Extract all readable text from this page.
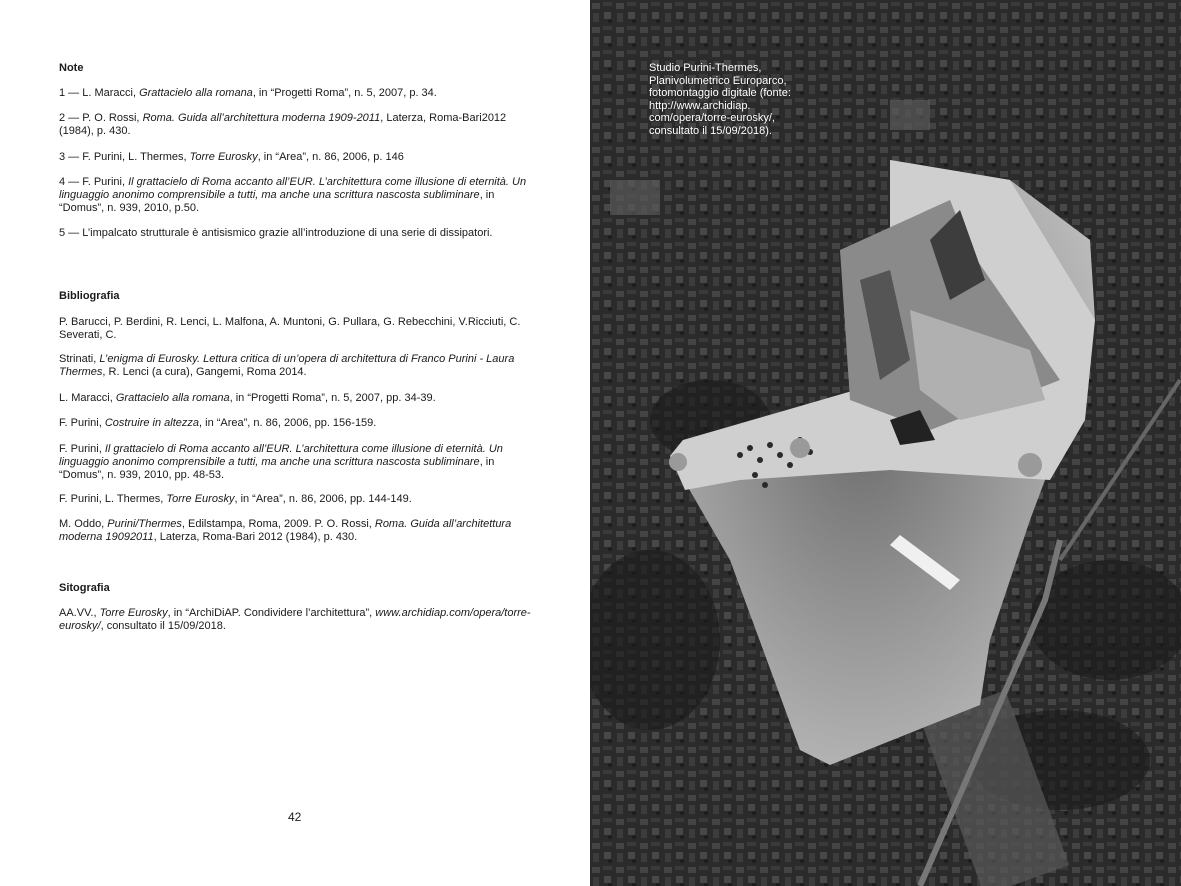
Note

1 — L. Maracci, Grattacielo alla romana, in “Progetti Roma”, n. 5, 2007, p. 34.

2 — P. O. Rossi, Roma. Guida all’architettura moderna 1909-2011, Laterza, Roma-Bari2012 (1984), p. 430.

3 — F. Purini, L. Thermes, Torre Eurosky, in “Area”, n. 86, 2006, p. 146

4 — F. Purini, Il grattacielo di Roma accanto all’EUR. L’architettura come illusione di eternità. Un linguaggio anonimo comprensibile a tutti, ma anche una scrittura nascosta subliminare, in “Domus”, n. 939, 2010, p.50.

5 — L’impalcato strutturale è antisismico grazie all’introduzione di una serie di dissipatori.

Bibliografia

P. Barucci, P. Berdini, R. Lenci, L. Malfona, A. Muntoni, G. Pullara, G. Rebecchini, V.Ricciuti, C. Severati, C.

Strinati, L’enigma di Eurosky. Lettura critica di un’opera di architettura di Franco Purini - Laura Thermes, R. Lenci (a cura), Gangemi, Roma 2014.

L. Maracci, Grattacielo alla romana, in “Progetti Roma”, n. 5, 2007, pp. 34-39.

F. Purini, Costruire in altezza, in “Area”, n. 86, 2006, pp. 156-159.

F. Purini, Il grattacielo di Roma accanto all’EUR. L’architettura come illusione di eternità. Un linguaggio anonimo comprensibile a tutti, ma anche una scrittura nascosta subliminare, in “Domus”, n. 939, 2010, pp. 48-53.

F. Purini, L. Thermes, Torre Eurosky, in “Area”, n. 86, 2006, pp. 144-149.

M. Oddo, Purini/Thermes, Edilstampa, Roma, 2009. P. O. Rossi, Roma. Guida all’architettura moderna 19092011, Laterza, Roma-Bari 2012 (1984), p. 430.

Sitografia

AA.VV., Torre Eurosky, in “ArchiDiAP. Condividere l’architettura”, www.archidiap.com/opera/torre-eurosky/, consultato il 15/09/2018.

42

Studio Purini-Thermes, Planivolumetrico Europarco, fotomontaggio digitale (fonte: http://www.archidiap. com/opera/torre-eurosky/, consultato il 15/09/2018).
